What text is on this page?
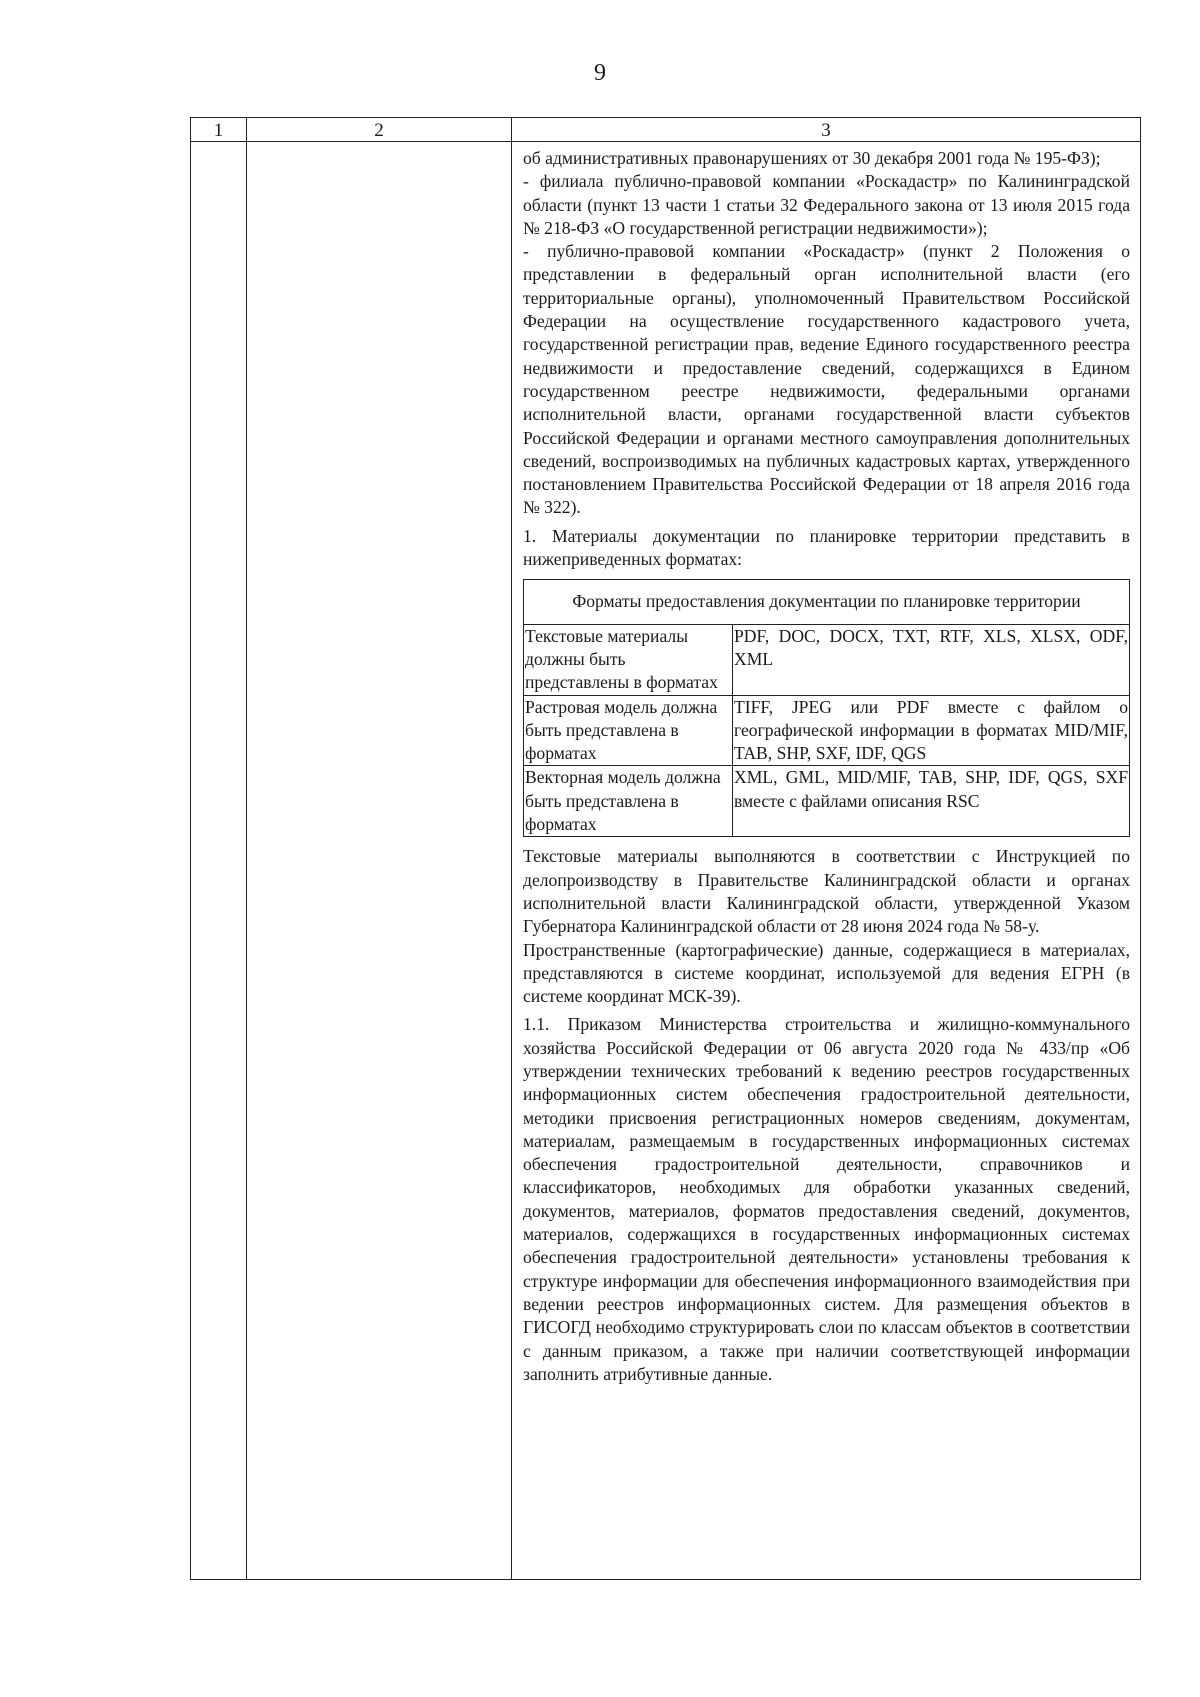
9
1	2	3

об административных правонарушениях от 30 декабря 2001 года № 195-ФЗ);

- филиала публично-правовой компании «Роскадастр» по Калининградской области (пункт 13 части 1 статьи 32 Федерального закона от 13 июля 2015 года № 218-ФЗ «О государственной регистрации недвижимости»);

- публично-правовой компании «Роскадастр» (пункт 2 Положения о представлении в федеральный орган исполнительной власти (его территориальные органы), уполномоченный Правительством Российской Федерации на осуществление государственного кадастрового учета, государственной регистрации прав, ведение Единого государственного реестра недвижимости и предоставление сведений, содержащихся в Едином государственном реестре недвижимости, федеральными органами исполнительной власти, органами государственной власти субъектов Российской Федерации и органами местного самоуправления дополнительных сведений, воспроизводимых на публичных кадастровых картах, утвержденного постановлением Правительства Российской Федерации от 18 апреля 2016 года № 322).

1. Материалы документации по планировке территории представить в нижеприведенных форматах:

Форматы предоставления документации по планировке территории	
Текстовые материалы должны быть представлены в форматах	PDF, DOC, DOCX, TXT, RTF, XLS, XLSX, ODF, XML
Растровая модель должна быть представлена в форматах	TIFF, JPEG или PDF вместе с файлом о географической информации в форматах MID/MIF, TAB, SHP, SXF, IDF, QGS
Векторная модель должна быть представлена в форматах	XML, GML, MID/MIF, TAB, SHP, IDF, QGS, SXF вместе с файлами описания RSC

Текстовые материалы выполняются в соответствии с Инструкцией по делопроизводству в Правительстве Калининградской области и органах исполнительной власти Калининградской области, утвержденной Указом Губернатора Калининградской области от 28 июня 2024 года № 58-у.

Пространственные (картографические) данные, содержащиеся в материалах, представляются в системе координат, используемой для ведения ЕГРН (в системе координат МСК-39).

1.1. Приказом Министерства строительства и жилищно-коммунального хозяйства Российской Федерации от 06 августа 2020 года № 433/пр «Об утверждении технических требований к ведению реестров государственных информационных систем обеспечения градостроительной деятельности, методики присвоения регистрационных номеров сведениям, документам, материалам, размещаемым в государственных информационных системах обеспечения градостроительной деятельности, справочников и классификаторов, необходимых для обработки указанных сведений, документов, материалов, форматов предоставления сведений, документов, материалов, содержащихся в государственных информационных системах обеспечения градостроительной деятельности» установлены требования к структуре информации для обеспечения информационного взаимодействия при ведении реестров информационных систем. Для размещения объектов в ГИСОГД необходимо структурировать слои по классам объектов в соответствии с данным приказом, а также при наличии соответствующей информации заполнить атрибутивные данные.
